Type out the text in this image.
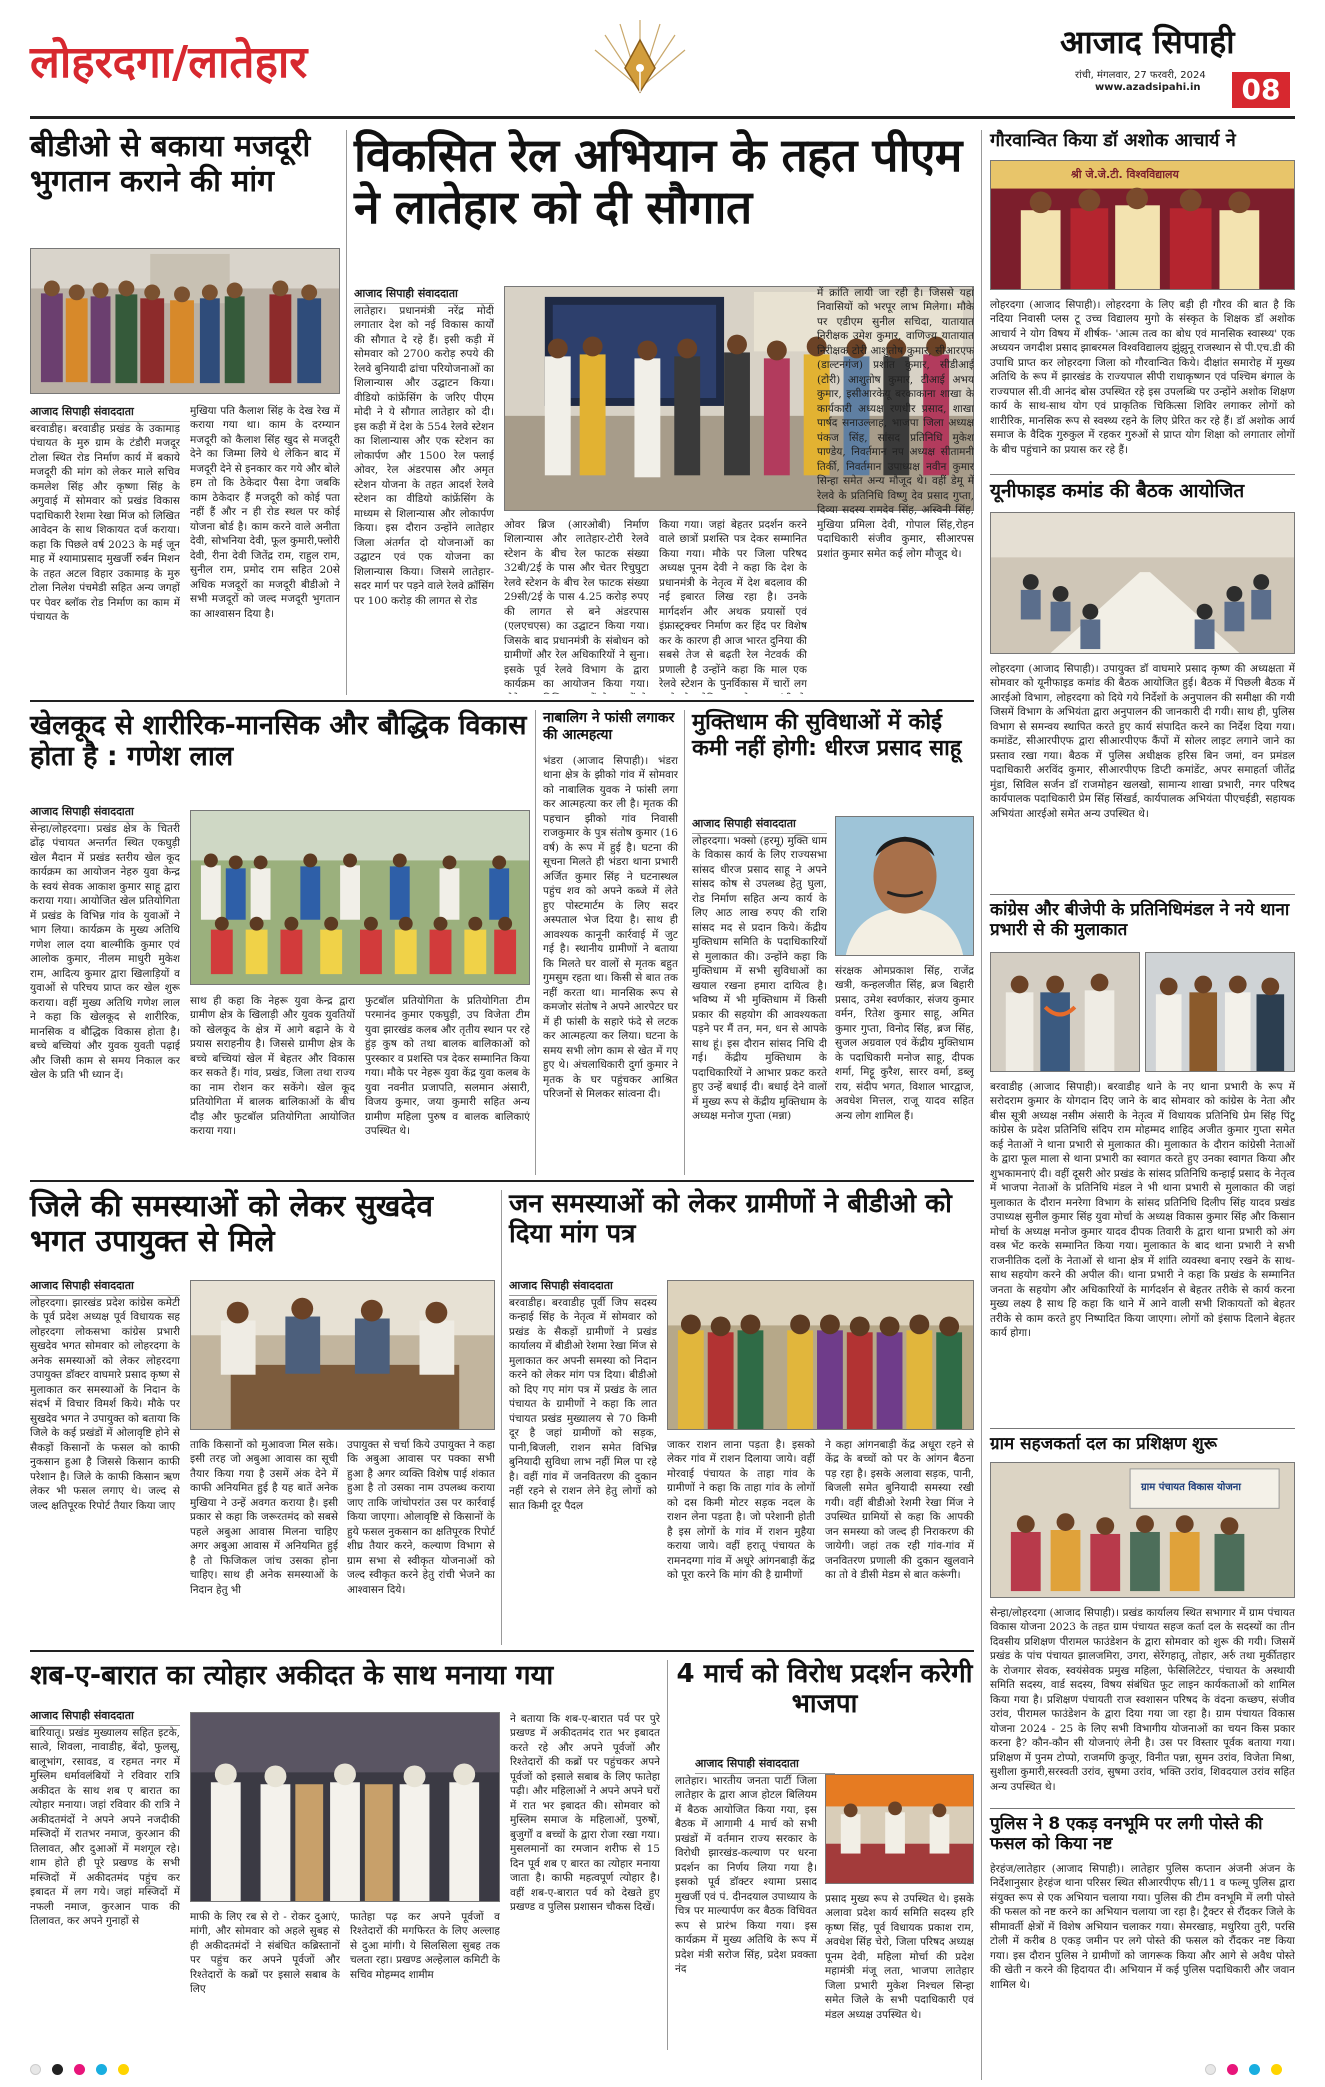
लोहरदगा/लातेहार	आजाद सिपाही
रांची, मंगलवार, 27 फरवरी, 2024
www.azadsipahi.in	08
बीडीओ से बकाया मजदूरी भुगतान कराने की मांग
आजाद सिपाही संवाददाता
बरवाडीह। बरवाडीह प्रखंड के उकामाड़ पंचायत के मुरु ग्राम के टंडौरी मजदूर टोला स्थित रोड निर्माण कार्य में बकाये मजदूरी की मांग को लेकर माले सचिव कमलेश सिंह और कृष्णा सिंह के अगुवाई में सोमवार को प्रखंड विकास पदाधिकारी रेशमा रेखा मिंज को लिखित आवेदन के साथ शिकायत दर्ज कराया। कहा कि पिछले वर्ष 2023 के मई जून माह में श्यामाप्रसाद मुखर्जी रुर्बन मिशन के तहत अटल विहार उकामाड़ के मुरु टोला निलेश पंचमेडी सहित अन्य जगहों पर पेवर ब्लॉक रोड निर्माण का काम में पंचायत के
मुखिया पति कैलाश सिंह के देख रेख में कराया गया था। काम के दरम्यान मजदूरी को कैलाश सिंह खुद से मजदूरी देने का जिम्मा लिये थे लेकिन बाद में मजदूरी देने से इनकार कर गये और बोले हम तो कि ठेकेदार पैसा देगा जबकि काम ठेकेदार हैं मजदूरी को कोई पता नहीं हैं और न ही रोड स्थल पर कोई योजना बोर्ड है। काम करने वाले अनीता देवी, सोभनिया देवी, फूल कुमारी,फ्लोरी देवी, रीना देवी जितेंद्र राम, राहुल राम, सुनील राम, प्रमोद राम सहित 20से अधिक मजदूरों का मजदूरी बीडीओ ने सभी मजदूरों को जल्द मजदूरी भुगतान का आश्वासन दिया है।
विकसित रेल अभियान के तहत पीएम ने लातेहार को दी सौगात
आजाद सिपाही संवाददाता
लातेहार। प्रधानमंत्री नरेंद्र मोदी लगातार देश को नई विकास कार्यों की सौगात दे रहे हैं। इसी कड़ी में सोमवार को 2700 करोड़ रुपये की रेलवे बुनियादी ढांचा परियोजनाओं का शिलान्यास और उद्घाटन किया। वीडियो कांफ्रेंसिंग के जरिए पीएम मोदी ने ये सौगात लातेहार को दी। इस कड़ी में देश के 554 रेलवे स्टेशन का शिलान्यास और एक स्टेशन का लोकार्पण और 1500 रेल फ्लाई ओवर, रेल अंडरपास और अमृत स्टेशन योजना के तहत आदर्श रेलवे स्टेशन का वीडियो कांफ्रेंसिंग के माध्यम से शिलान्यास और लोकार्पण किया। इस दौरान उन्होंने लातेहार जिला अंतर्गत दो योजनाओं का उद्घाटन एवं एक योजना का शिलान्यास किया। जिसमे लातेहार-सदर मार्ग पर पड़ने वाले रेलवे क्रॉसिंग पर 100 करोड़ की लागत से रोड
ओवर ब्रिज (आरओबी) निर्माण शिलान्यास और लातेहार-टोरी रेलवे स्टेशन के बीच रेल फाटक संख्या 32बी/2ई के पास और चेतर रिचुघुटा रेलवे स्टेशन के बीच रेल फाटक संख्या 29सी/2ई के पास 4.25 करोड़ रुपए की लागत से बने अंडरपास (एलएचएस) का उद्घाटन किया गया। जिसके बाद प्रधानमंत्री के संबोधन को ग्रामीणों और रेल अधिकारियों ने सुना। इसके पूर्व रेलवे विभाग के द्वारा कार्यक्रम का आयोजन किया गया।
किया गया। जहां बेहतर प्रदर्शन करने वाले छात्रों प्रशस्ति पत्र देकर सम्मानित किया गया। मौके पर जिला परिषद अध्यक्ष पूनम देवी ने कहा कि देश के प्रधानमंत्री के नेतृत्व में देश बदलाव की नई इबारत लिख रहा है। उनके मार्गदर्शन और अथक प्रयासों एवं इंफ्रास्ट्रक्चर निर्माण कर हिंद पर विशेष कर के कारण ही आज भारत दुनिया की सबसे तेज से बढ़ती रेल नेटवर्क की प्रणाली है उन्होंने कहा कि माल एक रेलवे स्टेशन के पुनर्विकास में चारों लग
में क्रांति लायी जा रही है। जिससे यहां निवासियों को भरपूर लाभ मिलेगा। मौके पर एडीएम सुनील सचिदा, यातायात निरीक्षक उमेश कुमार, वाणिज्य यातायात निरीक्षक टोरी आशुतोष कुमार, सीआरएफ (डाल्टनगंज) प्रशांत कुमार, सीडीआई (टोरी) आशुतोष कुमार, टीआई अभय कुमार, इसीआरकेयू बरकाकाना शाखा के कार्यकारी अध्यक्ष रणधीर प्रसाद, शाखा पार्षद सनाउल्लाह, भाजपा जिला अध्यक्ष पंकज सिंह, सांसद प्रतिनिधि मुकेश पाण्डेय, निवर्तमान नप अध्यक्ष सीतामनी तिर्की, निवर्तमान उपाध्यक्ष नवीन कुमार सिन्हा समेत अन्य मौजूद थे। वहीं डेमू में रेलवे के प्रतिनिधि विष्णु देव प्रसाद गुप्ता, दिव्या सदस्य रामदेव सिंह, अस्विनी सिंह, मुखिया प्रमिला देवी, गोपाल सिंह,रोहन पदाधिकारी संजीव कुमार, सीआरपस प्रशांत कुमार समेत कई लोग मौजूद थे।
गौरवान्वित किया डॉ अशोक आचार्य ने
श्री जे.जे.टी. विश्वविद्यालय
लोहरदगा (आजाद सिपाही)। लोहरदगा के लिए बड़ी ही गौरव की बात है कि नदिया निवासी प्लस टू उच्च विद्यालय मुगो के संस्कृत के शिक्षक डॉ अशोक आचार्य ने योग विषय में शीर्षक- 'आत्म तत्व का बोध एवं मानसिक स्वास्थ्य' एक अध्ययन जगदीश प्रसाद झाबरमल विश्वविद्यालय झुंझुनू राजस्थान से पी.एच.डी की उपाधि प्राप्त कर लोहरदगा जिला को गौरवान्वित किये। दीक्षांत समारोह में मुख्य अतिथि के रूप में झारखंड के राज्यपाल सीपी राधाकृष्णन एवं पश्चिम बंगाल के राज्यपाल सी.वी आनंद बोस उपस्थित रहे इस उपलब्धि पर उन्होंने अशोक शिक्षण कार्य के साथ-साथ योग एवं प्राकृतिक चिकित्सा शिविर लगाकर लोगों को शारीरिक, मानसिक रूप से स्वस्थ्य रहने के लिए प्रेरित कर रहे हैं। डॉ अशोक आर्य समाज के वैदिक गुरुकुल में रहकर गुरुओं से प्राप्त योग शिक्षा को लगातार लोगों के बीच पहुंचाने का प्रयास कर रहे हैं।
यूनीफाइड कमांड की बैठक आयोजित
लोहरदगा (आजाद सिपाही)। उपायुक्त डॉ वाघमारे प्रसाद कृष्ण की अध्यक्षता में सोमवार को यूनीफाइड कमांड की बैठक आयोजित हुई। बैठक में पिछली बैठक में आरईओ विभाग, लोहरदगा को दिये गये निर्देशों के अनुपालन की समीक्षा की गयी जिसमें विभाग के अभियंता द्वारा अनुपालन की जानकारी दी गयी। साथ ही, पुलिस विभाग से समन्वय स्थापित करते हुए कार्य संपादित करने का निर्देश दिया गया। कमांडेंट, सीआरपीएफ द्वारा सीआरपीएफ कैंपों में सोलर लाइट लगाने जाने का प्रस्ताव रखा गया। बैठक में पुलिस अधीक्षक हरिस बिन जमां, वन प्रमंडल पदाधिकारी अरविंद कुमार, सीआरपीएफ डिप्टी कमांडेंट, अपर समाहर्ता जीतेंद्र मुंडा, सिविल सर्जन डॉ राजमोहन खलखो, सामान्य शाखा प्रभारी, नगर परिषद कार्यपालक पदाधिकारी प्रेम सिंह सिंखर्ड, कार्यपालक अभियंता पीएचईडी, सहायक अभियंता आरईओ समेत अन्य उपस्थित थे।
कांग्रेस और बीजेपी के प्रतिनिधिमंडल ने नये थाना प्रभारी से की मुलाकात
बरवाडीह (आजाद सिपाही)। बरवाडीह थाने के नए थाना प्रभारी के रूप में सरोदराम कुमार के योगदान दिए जाने के बाद सोमवार को कांग्रेस के नेता और बीस सूत्री अध्यक्ष नसीम अंसारी के नेतृत्व में विधायक प्रतिनिधि प्रेम सिंह पिंटू कांग्रेस के प्रदेश प्रतिनिधि संदिप राम मोहम्मद शाहिद अजीत कुमार गुप्ता समेत कई नेताओं ने थाना प्रभारी से मुलाकात की। मुलाकात के दौरान कांग्रेसी नेताओं के द्वारा फूल माला से थाना प्रभारी का स्वागत करते हुए उनका स्वागत किया और शुभकामनाएं दी। वहीं दूसरी ओर प्रखंड के सांसद प्रतिनिधि कन्हाई प्रसाद के नेतृत्व में भाजपा नेताओं के प्रतिनिधि मंडल ने भी थाना प्रभारी से मुलाकात की जहां मुलाकात के दौरान मनरेगा विभाग के सांसद प्रतिनिधि दिलीप सिंह यादव प्रखंड उपाध्यक्ष सुनील कुमार सिंह युवा मोर्चा के अध्यक्ष विकास कुमार सिंह और किसान मोर्चा के अध्यक्ष मनोज कुमार यादव दीपक तिवारी के द्वारा थाना प्रभारी को अंग वस्त्र भेंट करके सम्मानित किया गया। मुलाकात के बाद थाना प्रभारी ने सभी राजनीतिक दलों के नेताओं से थाना क्षेत्र में शांति व्यवस्था बनाए रखने के साथ-साथ सहयोग करने की अपील की। थाना प्रभारी ने कहा कि प्रखंड के सम्मानित जनता के सहयोग और अधिकारियों के मार्गदर्शन से बेहतर तरीके से कार्य करना मुख्य लक्ष्य है साथ हि कहा कि थाने में आने वाली सभी शिकायतों को बेहतर तरीके से काम करते हुए निष्पादित किया जाएगा। लोगों को इंसाफ दिलाने बेहतर कार्य होगा।
ग्राम सहजकर्ता दल का प्रशिक्षण शुरू
ग्राम पंचायत विकास योजना
सेन्हा/लोहरदगा (आजाद सिपाही)। प्रखंड कार्यालय स्थित सभागार में ग्राम पंचायत विकास योजना 2023 के तहत ग्राम पंचायत सहज कर्ता दल के सदस्यों का तीन दिवसीय प्रशिक्षण पीरामल फाउंडेशन के द्वारा सोमवार को शुरू की गयी। जिसमें प्रखंड के पांच पंचायत झालजमिरा, उगरा, सेरेंगहातू, तोहार, अर्रु तथा मुर्कीतहार के रोजगार सेवक, स्वयंसेवक प्रमुख महिला, फेसिलिटेटर, पंचायत के अस्थायी समिति सदस्य, वार्ड सदस्य, विषय संबंधित फूट लाइन कार्यकताओं को शामिल किया गया है। प्रशिक्षण पंचायती राज स्वशासन परिषद के वंदना कच्छप, संजीव उरांव, पीरामल फाउंडेशन के द्वारा दिया गया जा रहा है। ग्राम पंचायत विकास योजना 2024 - 25 के लिए सभी विभागीय योजनाओं का चयन किस प्रकार करना है? कौन-कौन सी योजनाएं लेनी है। उस पर विस्तार पूर्वक बताया गया। प्रशिक्षण में पुनम टोप्पो, राजमणि कुजूर, विनीत पन्ना, सुमन उरांव, विजेता मिश्रा, सुशीला कुमारी,सरस्वती उरांव, सुषमा उरांव, भक्ति उरांव, शिवदयाल उरांव सहित अन्य उपस्थित थे।
पुलिस ने 8 एकड़ वनभूमि पर लगी पोस्ते की फसल को किया नष्ट
हेरहंज/लातेहार (आजाद सिपाही)। लातेहार पुलिस कप्तान अंजनी अंजन के निर्देशानुसार हेरहंज थाना परिसर स्थित सीआरपीएफ सी/11 व फल्मू पुलिस द्वारा संयुक्त रूप से एक अभियान चलाया गया। पुलिस की टीम वनभूमि में लगी पोस्ते की फसल को नष्ट करने का अभियान चलाया जा रहा है। ट्रैक्टर से रौंदकर जिले के सीमावर्ती क्षेत्रों में विशेष अभियान चलाकर गया। सेमरखाड़, मधुरिया तुरी, परसि टोली में करीब 8 एकड़ जमीन पर लगे पोस्ते की फसल को रौंदकर नष्ट किया गया। इस दौरान पुलिस ने ग्रामीणों को जागरूक किया और आगे से अवैध पोस्ते की खेती न करने की हिदायत दी। अभियान में कई पुलिस पदाधिकारी और जवान शामिल थे।
खेलकूद से शारीरिक-मानसिक और बौद्धिक विकास होता है : गणेश लाल
आजाद सिपाही संवाददाता
सेन्हा/लोहरदगा। प्रखंड क्षेत्र के चितरी ढोंढ़ पंचायत अन्तर्गत स्थित एकघुड़ी खेल मैदान में प्रखंड स्तरीय खेल कूद कार्यक्रम का आयोजन नेहरु युवा केन्द्र के स्वयं सेवक आकाश कुमार साहू द्वारा कराया गया। आयोजित खेल प्रतियोगिता में प्रखंड के विभिन्न गांव के युवाओं ने भाग लिया। कार्यक्रम के मुख्य अतिथि गणेश लाल दया बाल्मीकि कुमार एवं आलोक कुमार, नीलम माधुरी मुकेश राम, आदित्य कुमार द्वारा खिलाड़ियों व युवाओं से परिचय प्राप्त कर खेल शुरू कराया। वहीं मुख्य अतिथि गणेश लाल ने कहा कि खेलकूद से शारीरिक, मानसिक व बौद्धिक विकास होता है। बच्चे बच्चियां और युवक युवती पढ़ाई और जिसी काम से समय निकाल कर खेल के प्रति भी ध्यान दें।
साथ ही कहा कि नेहरू युवा केन्द्र द्वारा ग्रामीण क्षेत्र के खिलाड़ी और युवक युवतियों को खेलकूद के क्षेत्र में आगे बढ़ाने के ये प्रयास सराहनीय है। जिससे ग्रामीण क्षेत्र के बच्चे बच्चियां खेल में बेहतर और विकास कर सकते हैं। गांव, प्रखंड, जिला तथा राज्य का नाम रोशन कर सकेंगे। खेल कूद प्रतियोगिता में बालक बालिकाओं के बीच दौड़ और फुटबॉल प्रतियोगिता आयोजित कराया गया।
फुटबॉल प्रतियोगिता के प्रतियोगिता टीम परमानंद कुमार एकघुड़ी, उप विजेता टीम युवा झारखंड कलब और तृतीय स्थान पर रहे हुंड़ कुष को तथा बालक बालिकाओं को पुरस्कार व प्रशस्ति पत्र देकर सम्मानित किया गया। मौके पर नेहरू युवा केंद्र युवा कलब के युवा नवनीत प्रजापति, सलमान अंसारी, विजय कुमार, जया कुमारी सहित अन्य ग्रामीण महिला पुरुष व बालक बालिकाएं उपस्थित थे।
नाबालिग ने फांसी लगाकर की आत्महत्या
भंडरा (आजाद सिपाही)। भंडरा थाना क्षेत्र के झीको गांव में सोमवार को नाबालिक युवक ने फांसी लगा कर आत्महत्या कर ली है। मृतक की पहचान झीको गांव निवासी राजकुमार के पुत्र संतोष कुमार (16 वर्ष) के रूप में हुई है। घटना की सूचना मिलते ही भंडरा थाना प्रभारी अर्जित कुमार सिंह ने घटनास्थल पहुंच शव को अपने कब्जे में लेते हुए पोस्टमार्टम के लिए सदर अस्पताल भेज दिया है। साथ ही आवश्यक कानूनी कार्रवाई में जुट गई है। स्थानीय ग्रामीणों ने बताया कि मिलते घर वालों से मृतक बहुत गुमसुम रहता था। किसी से बात तक नहीं करता था। मानसिक रूप से कमजोर संतोष ने अपने आरपेटर घर में ही फांसी के सहारे फंदे से लटक कर आत्महत्या कर लिया। घटना के समय सभी लोग काम से खेत में गए हुए थे। अंचलाधिकारी दुर्गा कुमार ने मृतक के घर पहुंचकर आश्रित परिजनों से मिलकर सांत्वना दी।
मुक्तिधाम की सुविधाओं में कोई कमी नहीं होगी: धीरज प्रसाद साहू
आजाद सिपाही संवाददाता
लोहरदगा। भक्सो (हरमू) मुक्ति धाम के विकास कार्य के लिए राज्यसभा सांसद धीरज प्रसाद साहू ने अपने सांसद कोष से उपलब्ध हेतु घुला, रोड निर्माण सहित अन्य कार्य के लिए आठ लाख रुपए की राशि सांसद मद से प्रदान किये। केंद्रीय मुक्तिधाम समिति के पदाधिकारियों से मुलाकात की। उन्होंने कहा कि मुक्तिधाम में सभी सुविधाओं का खयाल रखना हमारा दायित्व है। भविष्य में भी मुक्तिधाम में किसी प्रकार की सहयोग की आवश्यकता पड़ने पर मैं तन, मन, धन से आपके साथ हूं। इस दौरान सांसद निधि दी गई। केंद्रीय मुक्तिधाम के पदाधिकारियों ने आभार प्रकट करते हुए उन्हें बधाई दी। बधाई देने वालों में मुख्य रूप से केंद्रीय मुक्तिधाम के अध्यक्ष मनोज गुप्ता (मन्ना)
संरक्षक ओमप्रकाश सिंह, राजेंद्र खत्री, कन्हलजीत सिंह, ब्रज बिहारी प्रसाद, उमेश स्वर्णकार, संजय कुमार वर्मन, रितेश कुमार साहू, अमित कुमार गुप्ता, विनोद सिंह, ब्रज सिंह, सुजल अग्रवाल एवं केंद्रीय मुक्तिधाम के पदाधिकारी मनोज साहू, दीपक शर्मा, मिट्टू कुरैश, सारर वर्मा, डब्लू राय, संदीप भगत, विशाल भारद्वाज, अवधेश मित्तल, राजू यादव सहित अन्य लोग शामिल हैं।
जिले की समस्याओं को लेकर सुखदेव भगत उपायुक्त से मिले
आजाद सिपाही संवाददाता
लोहरदगा। झारखंड प्रदेश कांग्रेस कमेटी के पूर्व प्रदेश अध्यक्ष पूर्व विधायक सह लोहरदगा लोकसभा कांग्रेस प्रभारी सुखदेव भगत सोमवार को लोहरदगा के अनेक समस्याओं को लेकर लोहरदगा उपायुक्त डॉक्टर वाघमारे प्रसाद कृष्ण से मुलाकात कर समस्याओं के निदान के संदर्भ में विचार विमर्श किये। मौके पर सुखदेव भगत ने उपायुक्त को बताया कि जिले के कई प्रखंडों में ओलावृष्टि होने से सैकड़ों किसानों के फसल को काफी नुकसान हुआ है जिससे किसान काफी परेशान है। जिले के काफी किसान ऋण लेकर भी फसल लगाए थे। जल्द से जल्द क्षतिपूरक रिपोर्ट तैयार किया जाए
ताकि किसानों को मुआवजा मिल सके। इसी तरह जो अबुआ आवास का सूची तैयार किया गया है उसमें अंक देने में काफी अनियमित हुई है यह बातें अनेक मुखिया ने उन्हें अवगत कराया है। इसी प्रकार से कहा कि जरूरतमंद को सबसे पहले अबुआ आवास मिलना चाहिए अगर अबुआ आवास में अनियमित हुई है तो फिजिकल जांच उसका होना चाहिए। साथ ही अनेक समस्याओं के निदान हेतु भी
उपायुक्त से चर्चा किये उपायुक्त ने कहा कि अबुआ आवास पर पक्का सभी हुआ है अगर व्यक्ति विशेष पाई शंकात हुआ है तो उसका नाम उपलब्ध कराया जाए ताकि जांचोपरांत उस पर कार्रवाई किया जाएगा। ओलावृष्टि से किसानों के हुये फसल नुकसान का क्षतिपूरक रिपोर्ट शीघ्र तैयार करने, कल्याण विभाग से ग्राम सभा से स्वीकृत योजनाओं को जल्द स्वीकृत करने हेतु रांची भेजने का आश्वासन दिये।
जन समस्याओं को लेकर ग्रामीणों ने बीडीओ को दिया मांग पत्र
आजाद सिपाही संवाददाता
बरवाडीह। बरवाडीह पूर्वी जिप सदस्य कन्हाई सिंह के नेतृत्व में सोमवार को प्रखंड के सैकड़ों ग्रामीणों ने प्रखंड कार्यालय में बीडीओ रेशमा रेखा मिंज से मुलाकात कर अपनी समस्या को निदान करने को लेकर मांग पत्र दिया। बीडीओ को दिए गए मांग पत्र में प्रखंड के लात पंचायत के ग्रामीणों ने कहा कि लात पंचायत प्रखंड मुख्यालय से 70 किमी दूर है जहां ग्रामीणों को सड़क, पानी,बिजली, राशन समेत विभिन्न बुनियादी सुविधा लाभ नहीं मिल पा रहे है। वहीं गांव में जनवितरण की दुकान नहीं रहने से राशन लेने हेतु लोगों को सात किमी दूर पैदल
जाकर राशन लाना पड़ता है। इसको लेकर गांव में राशन दिलाया जाये। वहीं मोरवाई पंचायत के ताहा गांव के ग्रामीणों ने कहा कि ताहा गांव के लोगों को दस किमी मोटर सड़क नदल के राशन लेना पड़ता है। जो परेशानी होती है इस लोगों के गांव में राशन मुहैया कराया जाये। वहीं हरातू पंचायत के रामनदग्गा गांव में अधूरे आंगनबाड़ी केंद्र को पूरा करने कि मांग की है ग्रामीणों
ने कहा आंगनबाड़ी केंद्र अधूरा रहने से केंद्र के बच्चों को पर के आंगन बैठना पड़ रहा है। इसके अलावा सड़क, पानी, बिजली समेत बुनियादी समस्या रखी गयी। वहीं बीडीओ रेशमी रेखा मिंज ने उपस्थित ग्रामियों से कहा कि आपकी जन समस्या को जल्द ही निराकरण की जायेगी। जहां तक रही गांव-गांव में जनवितरण प्रणाली की दुकान खुलवाने का तो वे डीसी मेडम से बात करूंगी।
शब-ए-बारात का त्योहार अकीदत के साथ मनाया गया
आजाद सिपाही संवाददाता
बारियातू। प्रखंड मुख्यालय सहित इटके, सात्वे, शिवला, नावाडीह, बेंदो, फुलसू, बालूभांग, रसावड, व रहमत नगर में मुस्लिम धर्मावलंबियों ने रविवार रात्रि अकीदत के साथ शब ए बारात का त्योहार मनाया। जहां रविवार की रात्रि ने अकीदतमंदों ने अपने अपने नजदीकी मस्जिदों में रातभर नमाज, कुरआन की तिलावत, और दुआओं में मशगूल रहे। शाम होते ही पूरे प्रखण्ड के सभी मस्जिदों में अकीदतमंद पहुंच कर इबादत में लग गये। जहां मस्जिदों में नफली नमाज, कुरआन पाक की तिलावत, कर अपने गुनाहों से	माफी के लिए रब से रो - रोकर दुआएं, मांगी, और सोमवार को अहले सुबह से ही अकीदतमंदों ने संबंधित कब्रिस्तानों पर पहुंच कर अपने पूर्वजों और रिश्तेदारों के कब्रों पर इसाले सबाब के लिए
फातेहा पढ़ कर अपने पूर्वजों व रिश्तेदारों की मगफिरत के लिए अल्लाह से दुआ मांगी। ये सिलसिला सुबह तक चलता रहा। प्रखण्ड अल्हेलाल कमिटी के सचिव मोहम्मद शामीम
ने बताया कि शब-ए-बारात पर्व पर पुरे प्रखण्ड में अकीदतमंद रात भर इबादत करते रहे और अपने पूर्वजों और रिश्तेदारों की कब्रों पर पहुंचकर अपने पूर्वजों को इसाले सबाब के लिए फातेहा पढ़ी। और महिलाओं ने अपने अपने घरों में रात भर इबादत की। सोमवार को मुस्लिम समाज के महिलाओं, पुरुषों, बुजुर्गों व बच्चों के द्वारा रोजा रखा गया। मुसलमानों का रमजान शरीफ से 15 दिन पूर्व शब ए बारत का त्योहार मनाया जाता है। काफी महत्वपूर्ण त्योहार है। वहीं शब-ए-बारात पर्व को देखते हुए प्रखण्ड व पुलिस प्रशासन चौकस दिखें।
4 मार्च को विरोध प्रदर्शन करेगी भाजपा
आजाद सिपाही संवाददाता
लातेहार। भारतीय जनता पार्टी जिला लातेहार के द्वारा आज होटल बिलियम में बैठक आयोजित किया गया, इस बैठक में आगामी 4 मार्च को सभी प्रखंडों में वर्तमान राज्य सरकार के विरोधी झारखंड-कल्याण पर धरना प्रदर्शन का निर्णय लिया गया है। इसको पूर्व डॉक्टर श्यामा प्रसाद मुखर्जी एवं पं. दीनदयाल उपाध्याय के चित्र पर माल्यार्पण कर बैठक विधिवत रूप से प्रारंभ किया गया। इस कार्यक्रम में मुख्य अतिथि के रूप में प्रदेश मंत्री सरोज सिंह, प्रदेश प्रवक्ता नंद
प्रसाद मुख्य रूप से उपस्थित थे। इसके अलावा प्रदेश कार्य समिति सदस्य हरि कृष्ण सिंह, पूर्व विधायक प्रकाश राम, अवधेश सिंह चेरो, जिला परिषद अध्यक्ष पूनम देवी, महिला मोर्चा की प्रदेश महामंत्री मंजू लता, भाजपा लातेहार जिला प्रभारी मुकेश निश्चल सिन्हा समेत जिले के सभी पदाधिकारी एवं मंडल अध्यक्ष उपस्थित थे।
